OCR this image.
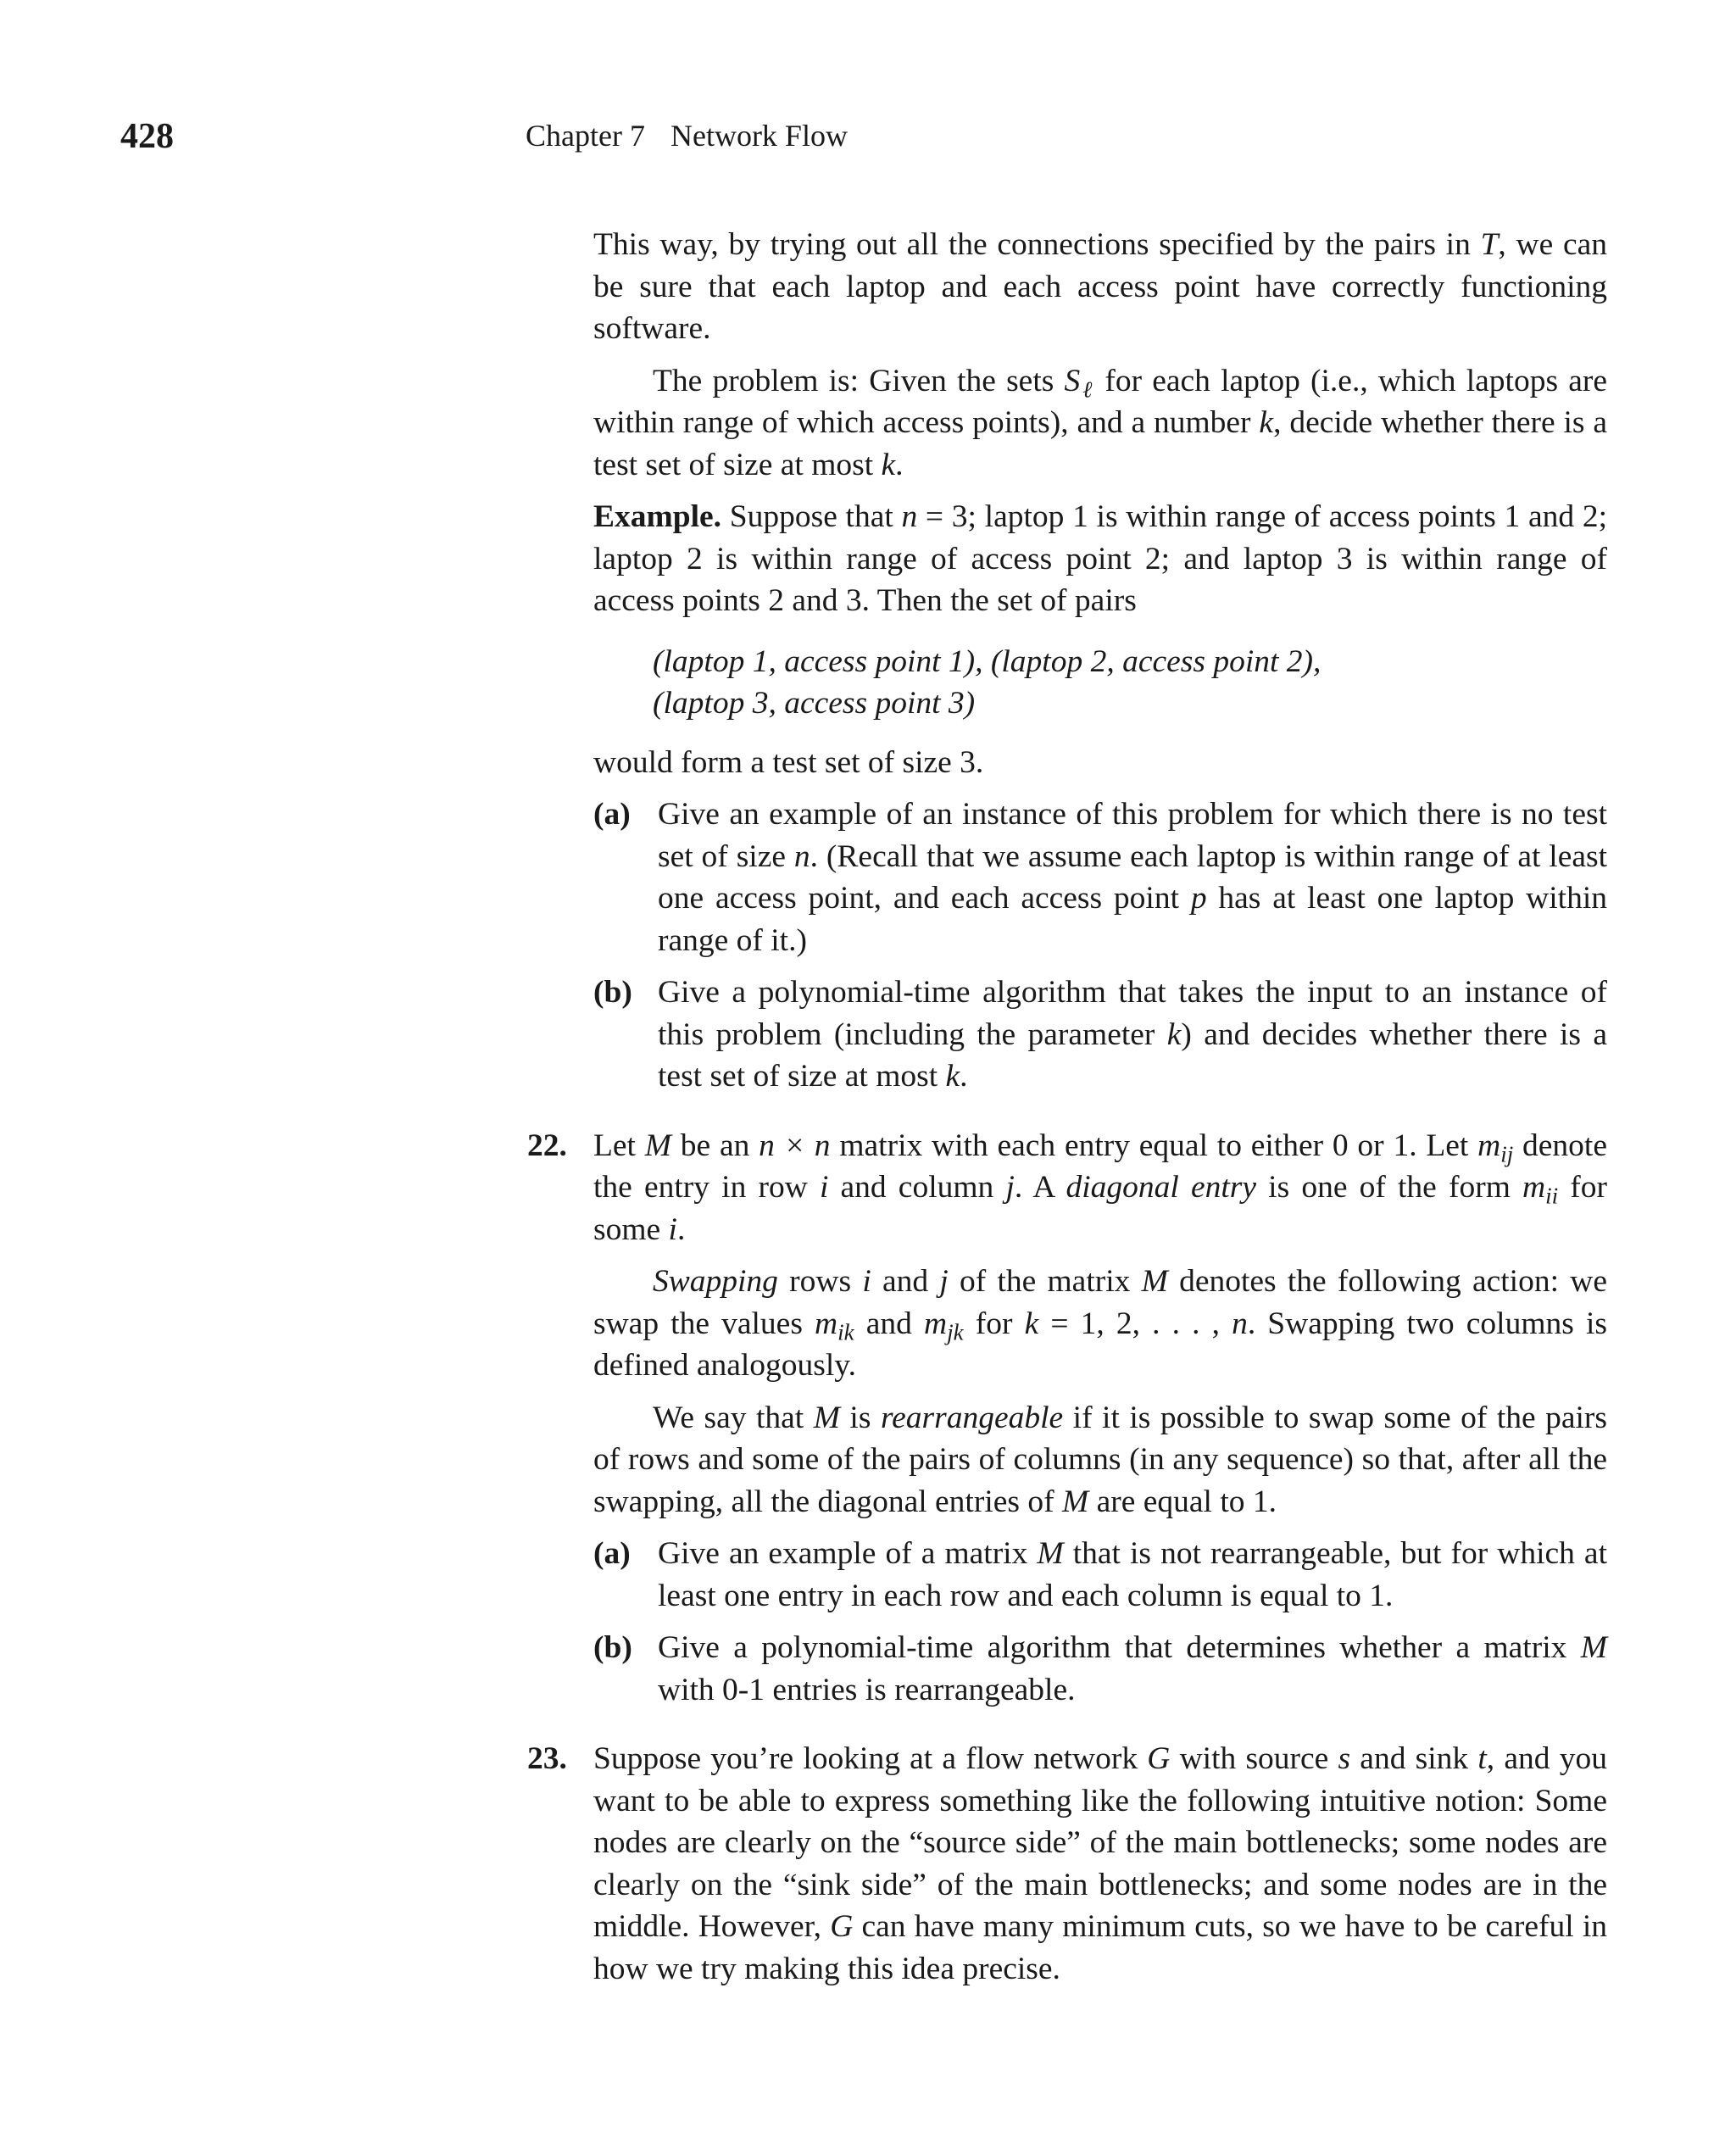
428	Chapter 7 Network Flow

This way, by trying out all the connections specified by the pairs in T, we can be sure that each laptop and each access point have correctly functioning software.

The problem is: Given the sets $S_\ell$ for each laptop (i.e., which laptops are within range of which access points), and a number k, decide whether there is a test set of size at most k.

Example. Suppose that n = 3; laptop 1 is within range of access points 1 and 2; laptop 2 is within range of access point 2; and laptop 3 is within range of access points 2 and 3. Then the set of pairs

(laptop 1, access point 1), (laptop 2, access point 2),
(laptop 3, access point 3)

would form a test set of size 3.

(a) Give an example of an instance of this problem for which there is no test set of size n. (Recall that we assume each laptop is within range of at least one access point, and each access point p has at least one laptop within range of it.)
(b) Give a polynomial-time algorithm that takes the input to an instance of this problem (including the parameter k) and decides whether there is a test set of size at most k.
22. Let M be an n × n matrix with each entry equal to either 0 or 1. Let $m_{ij}$ denote the entry in row i and column j. A diagonal entry is one of the form $m_{ii}$ for some i.

Swapping rows i and j of the matrix M denotes the following action: we swap the values $m_{ik}$ and $m_{jk}$ for k = 1, 2, . . . , n. Swapping two columns is defined analogously.

We say that M is rearrangeable if it is possible to swap some of the pairs of rows and some of the pairs of columns (in any sequence) so that, after all the swapping, all the diagonal entries of M are equal to 1.

(a) Give an example of a matrix M that is not rearrangeable, but for which at least one entry in each row and each column is equal to 1.
(b) Give a polynomial-time algorithm that determines whether a matrix M with 0-1 entries is rearrangeable.
23. Suppose you’re looking at a flow network G with source s and sink t, and you want to be able to express something like the following intuitive notion: Some nodes are clearly on the “source side” of the main bottlenecks; some nodes are clearly on the “sink side” of the main bottlenecks; and some nodes are in the middle. However, G can have many minimum cuts, so we have to be careful in how we try making this idea precise.
